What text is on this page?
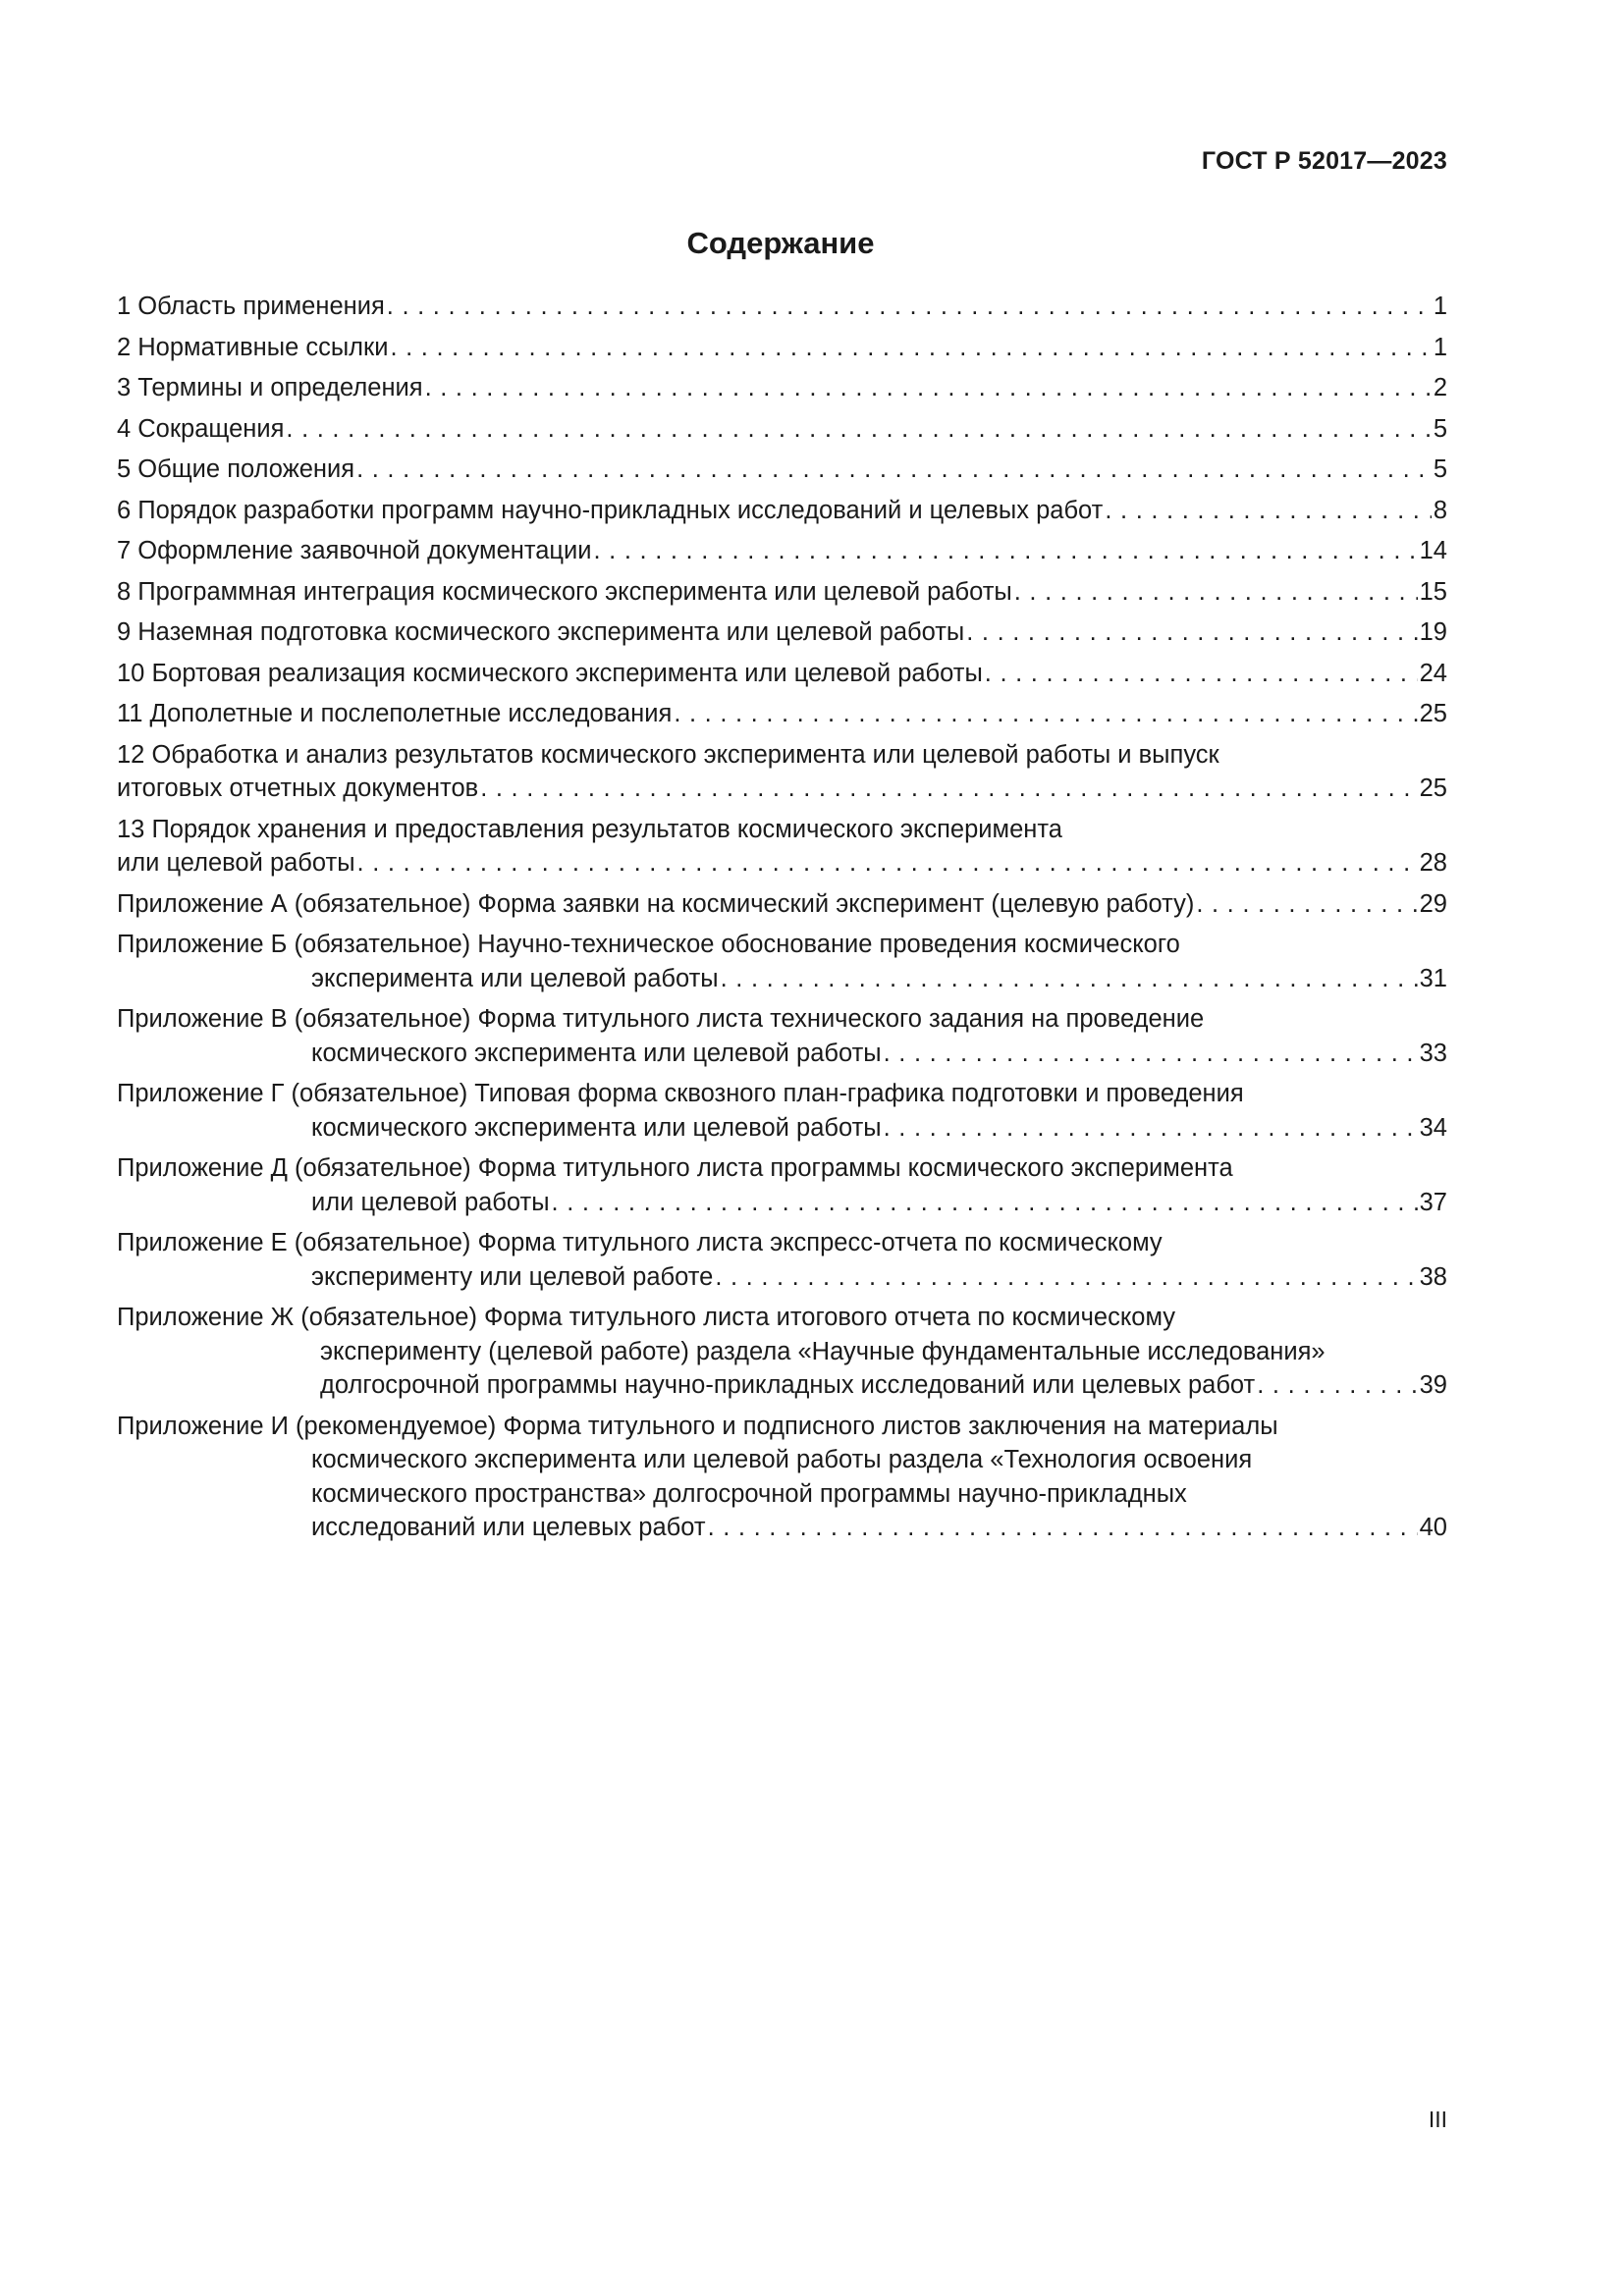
ГОСТ Р 52017—2023
Содержание
1 Область применения . . .	1
2 Нормативные ссылки . . .	1
3 Термины и определения . . .	2
4 Сокращения . . .	5
5 Общие положения . . .	5
6 Порядок разработки программ научно-прикладных исследований и целевых работ . . .	8
7 Оформление заявочной документации . . .	14
8 Программная интеграция космического эксперимента или целевой работы . . .	15
9 Наземная подготовка космического эксперимента или целевой работы . . .	19
10 Бортовая реализация космического эксперимента или целевой работы . . .	24
11 Дополетные и послеполетные исследования . . .	25
12 Обработка и анализ результатов космического эксперимента или целевой работы и выпуск
итоговых отчетных документов . . .	25
13 Порядок хранения и предоставления результатов космического эксперимента
или целевой работы . . .	28
Приложение А (обязательное) Форма заявки на космический эксперимент (целевую работу) . . .	29
Приложение Б (обязательное) Научно-техническое обоснование проведения космического
эксперимента или целевой работы . . .	31
Приложение В (обязательное) Форма титульного листа технического задания на проведение
космического эксперимента или целевой работы . . .	33
Приложение Г (обязательное) Типовая форма сквозного план-графика подготовки и проведения
космического эксперимента или целевой работы . . .	34
Приложение Д (обязательное) Форма титульного листа программы космического эксперимента
или целевой работы . . .	37
Приложение Е (обязательное) Форма титульного листа экспресс-отчета по космическому
эксперименту или целевой работе . . .	38
Приложение Ж (обязательное) Форма титульного листа итогового отчета по космическому
эксперименту (целевой работе) раздела «Научные фундаментальные исследования»
долгосрочной программы научно-прикладных исследований или целевых работ . . .	39
Приложение И (рекомендуемое) Форма титульного и подписного листов заключения на материалы
космического эксперимента или целевой работы раздела «Технология освоения
космического пространства» долгосрочной программы научно-прикладных
исследований или целевых работ . . .	40
III
